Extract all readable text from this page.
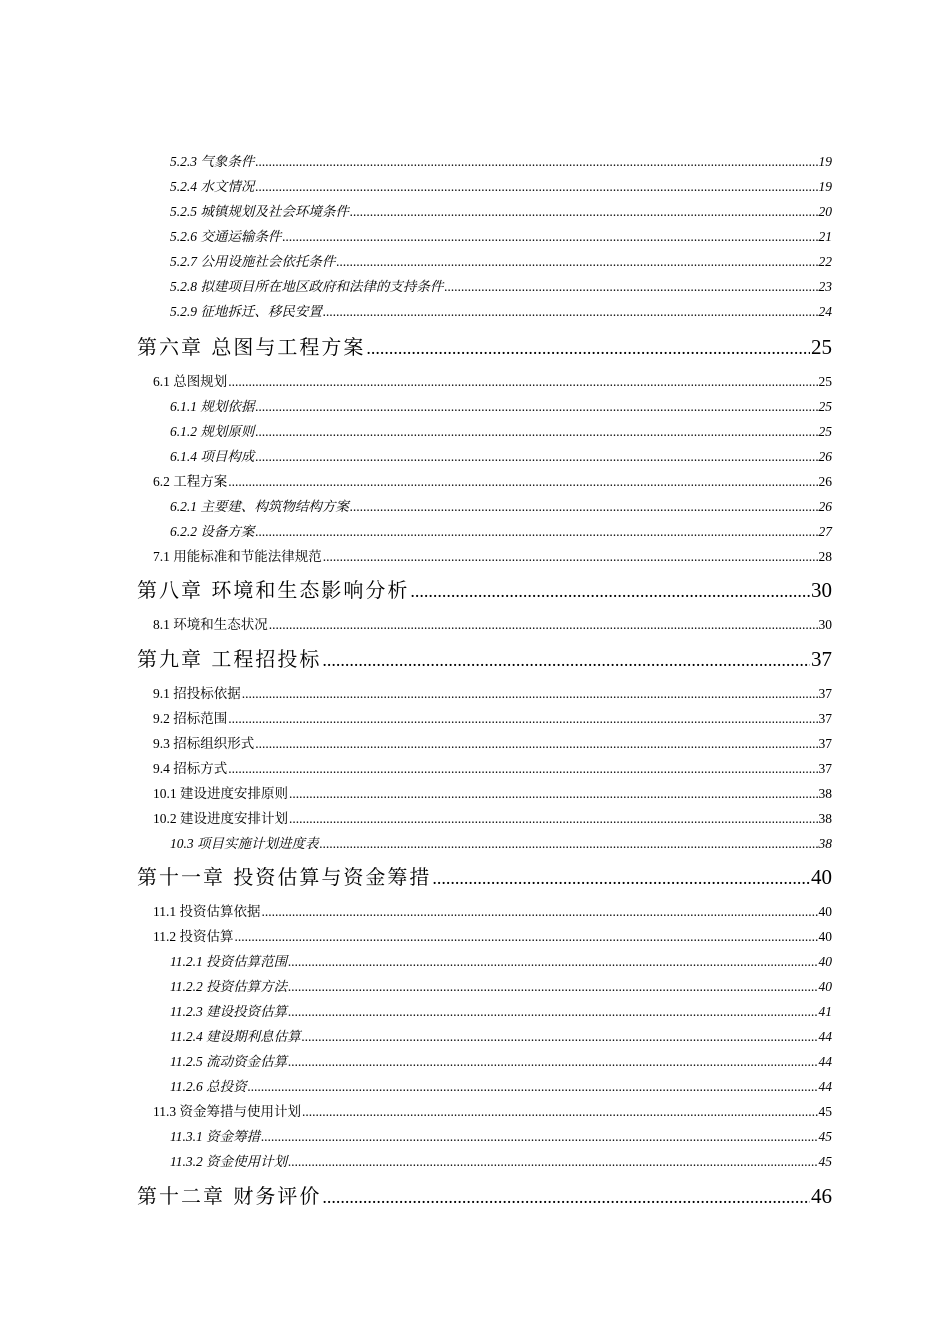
5.2.3 气象条件 .....	19
5.2.4 水文情况 .....	19
5.2.5 城镇规划及社会环境条件 .....	20
5.2.6 交通运输条件 .....	21
5.2.7 公用设施社会依托条件 .....	22
5.2.8 拟建项目所在地区政府和法律的支持条件 .....	23
5.2.9 征地拆迁、移民安置 .....	24
第六章 总图与工程方案 .....	25
6.1 总图规划 .....	25
6.1.1 规划依据 .....	25
6.1.2 规划原则 .....	25
6.1.4 项目构成 .....	26
6.2 工程方案 .....	26
6.2.1 主要建、构筑物结构方案 .....	26
6.2.2 设备方案 .....	27
7.1 用能标准和节能法律规范 .....	28
第八章 环境和生态影响分析 .....	30
8.1 环境和生态状况 .....	30
第九章 工程招投标 .....	37
9.1 招投标依据 .....	37
9.2 招标范围 .....	37
9.3 招标组织形式 .....	37
9.4 招标方式 .....	37
10.1 建设进度安排原则 .....	38
10.2 建设进度安排计划 .....	38
10.3 项目实施计划进度表 .....	38
第十一章 投资估算与资金筹措 .....	40
11.1 投资估算依据 .....	40
11.2 投资估算 .....	40
11.2.1 投资估算范围 .....	40
11.2.2 投资估算方法 .....	40
11.2.3 建设投资估算 .....	41
11.2.4 建设期利息估算 .....	44
11.2.5 流动资金估算 .....	44
11.2.6 总投资 .....	44
11.3 资金筹措与使用计划 .....	45
11.3.1 资金筹措 .....	45
11.3.2 资金使用计划 .....	45
第十二章 财务评价 .....	46
